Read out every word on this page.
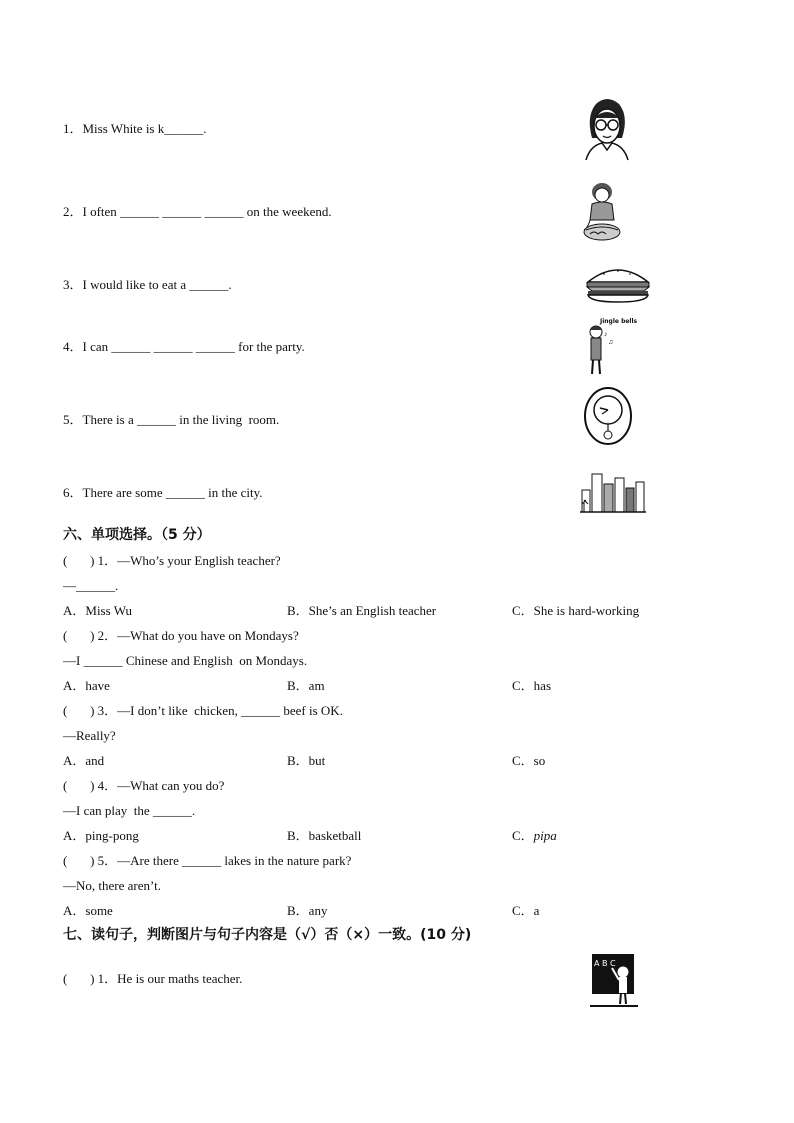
1．Miss White is k______.
2．I often ______ ______ ______ on the weekend.
3．I would like to eat a ______.
4．I can ______ ______ ______ for the party.
5．There is a ______ in the living  room.
6．There are some ______ in the city.
Jingle bells
♪
♫
A B C
六、单项选择。（5 分）
(       ) 1．—Who’s your English teacher?
—______.
A．Miss Wu	B．She’s an English teacher	C．She is hard-working
(       ) 2．—What do you have on Mondays?
—I ______ Chinese and English  on Mondays.
A．have	B．am	C．has
(       ) 3．—I don’t like  chicken, ______ beef is OK.
—Really?
A．and	B．but	C．so
(       ) 4．—What can you do?
—I can play  the ______.
A．ping-pong	B．basketball	C．pipa
(       ) 5．—Are there ______ lakes in the nature park?
—No, there aren’t.
A．some	B．any	C．a
七、读句子，判断图片与句子内容是（√）否（×）一致。(10 分)
(       ) 1．He is our maths teacher.
